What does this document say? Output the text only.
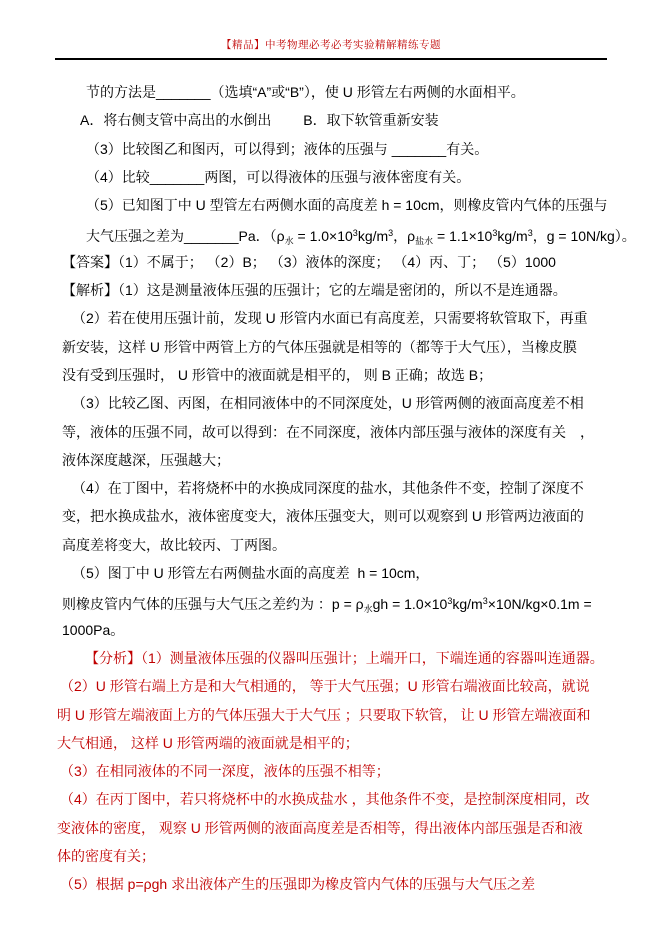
【精品】中考物理必考必考实验精解精练专题
节的方法是_______（选填“A”或“B”），使 U 形管左右两侧的水面相平。
A．将右侧支管中高出的水倒出　　 B．取下软管重新安装
（3）比较图乙和图丙，可以得到；液体的压强与 _______有关。
（4）比较_______两图，可以得液体的压强与液体密度有关。
（5）已知图丁中 U 型管左右两侧水面的高度差 h = 10cm，则橡皮管内气体的压强与
大气压强之差为_______Pa．（$\rho_水 = 1.0\times 10^3kg/m^3$，$\rho_{盐水} = 1.1\times 10^3kg/m^3$，g = 10N/kg）。
【答案】（1）不属于； （2）B； （3）液体的深度； （4）丙、丁； （5）1000
【解析】（1）这是测量液体压强的压强计；它的左端是密闭的，所以不是连通器。
（2）若在使用压强计前，发现 U 形管内水面已有高度差，只需要将软管取下，再重
新安装，这样 U 形管中两管上方的气体压强就是相等的（都等于大气压），当橡皮膜
没有受到压强时， U 形管中的液面就是相平的， 则 B 正确；故选 B；
（3）比较乙图、丙图，在相同液体中的不同深度处，U 形管两侧的液面高度差不相
等，液体的压强不同，故可以得到：在不同深度，液体内部压强与液体的深度有关　，
液体深度越深，压强越大；
（4）在丁图中，若将烧杯中的水换成同深度的盐水，其他条件不变，控制了深度不
变，把水换成盐水，液体密度变大，液体压强变大，则可以观察到 U 形管两边液面的
高度差将变大，故比较丙、丁两图。
（5）图丁中 U 形管左右两侧盐水面的高度差  h = 10cm，
则橡皮管内气体的压强与大气压之差约为 ：$p = \rho_水gh = 1.0\times 10^3kg/m^3\times 10N/kg\times 0.1m$ =
1000Pa。
【分析】（1）测量液体压强的仪器叫压强计；上端开口，下端连通的容器叫连通器。
（2）U 形管右端上方是和大气相通的， 等于大气压强；U 形管右端液面比较高，就说
明 U 形管左端液面上方的气体压强大于大气压 ；只要取下软管， 让 U 形管左端液面和
大气相通， 这样 U 形管两端的液面就是相平的；
（3）在相同液体的不同一深度，液体的压强不相等；
（4）在丙丁图中，若只将烧杯中的水换成盐水 ，其他条件不变，是控制深度相同，改
变液体的密度， 观察 U 形管两侧的液面高度差是否相等，得出液体内部压强是否和液
体的密度有关；
（5）根据 p=ρgh 求出液体产生的压强即为橡皮管内气体的压强与大气压之差
